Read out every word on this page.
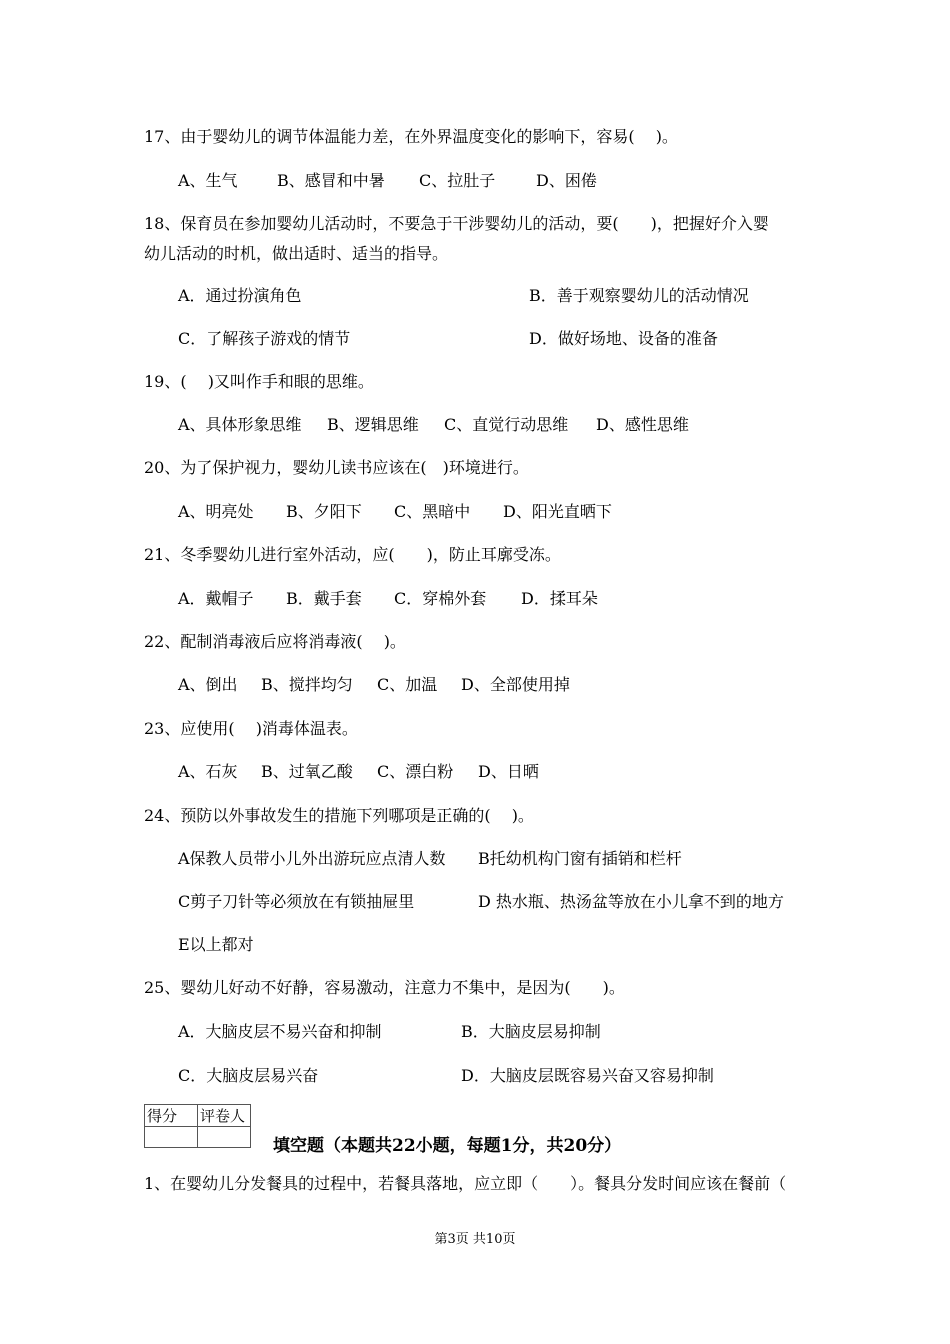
17、由于婴幼儿的调节体温能力差，在外界温度变化的影响下，容易(　 )。
A、生气 B、感冒和中暑 C、拉肚子	D、困倦
18、保育员在参加婴幼儿活动时，不要急于干涉婴幼儿的活动，要(　　)，把握好介入婴
幼儿活动的时机，做出适时、适当的指导。
A．通过扮演角色	B．善于观察婴幼儿的活动情况
C．了解孩子游戏的情节	D．做好场地、设备的准备
19、(　 )又叫作手和眼的思维。
A、具体形象思维 B、逻辑思维 C、直觉行动思维 D、感性思维
20、为了保护视力，婴幼儿读书应该在(　)环境进行。
A、明亮处 B、夕阳下 C、黑暗中 D、阳光直晒下
21、冬季婴幼儿进行室外活动，应(　　)，防止耳廓受冻。
A．戴帽子 B．戴手套 C．穿棉外套 D．揉耳朵
22、配制消毒液后应将消毒液(　 )。
A、倒出 B、搅拌均匀 C、加温 D、全部使用掉
23、应使用(　 )消毒体温表。
A、石灰 B、过氧乙酸 C、漂白粉 D、日晒
24、预防以外事故发生的措施下列哪项是正确的(　 )。
A保教人员带小儿外出游玩应点清人数 B托幼机构门窗有插销和栏杆
C剪子刀针等必须放在有锁抽屉里	D 热水瓶、热汤盆等放在小儿拿不到的地方
E以上都对
25、婴幼儿好动不好静，容易激动，注意力不集中，是因为(　　)。
A．大脑皮层不易兴奋和抑制	B．大脑皮层易抑制
C．大脑皮层易兴奋	D．大脑皮层既容易兴奋又容易抑制
得分	评卷人

填空题（本题共22小题，每题1分，共20分）
1、在婴幼儿分发餐具的过程中，若餐具落地，应立即（　　）。餐具分发时间应该在餐前（
第3页 共10页
